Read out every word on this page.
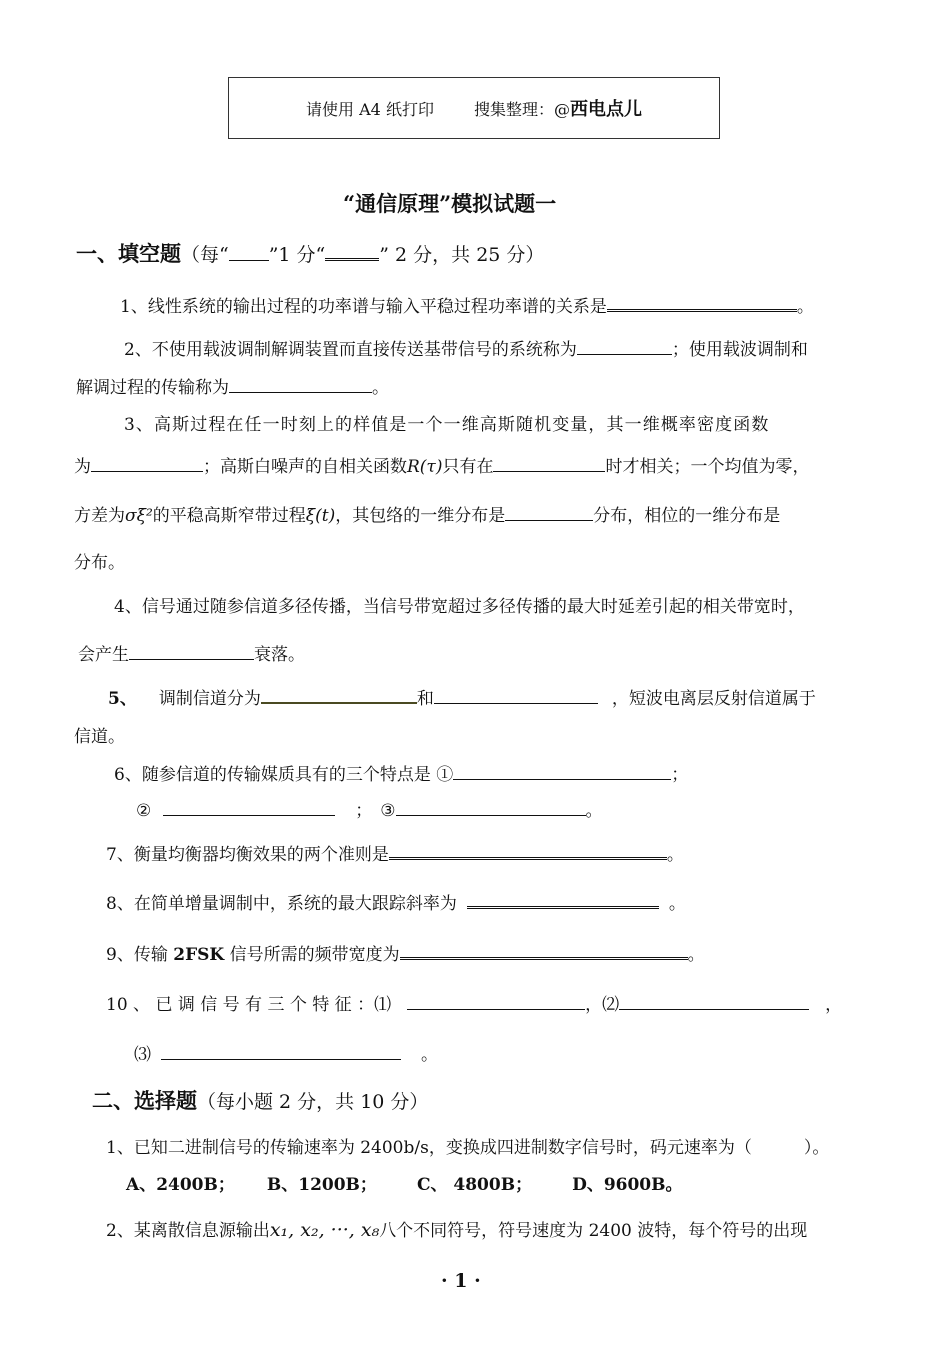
请使用 A4 纸打印	搜集整理：@ 西电点儿
“通信原理”模拟试题一
一、填空题（每“ ”1 分“	” 2 分，共 25 分）
1、线性系统的输出过程的功率谱与输入平稳过程功率谱的关系是	。
2、不使用载波调制解调装置而直接传送基带信号的系统称为	；使用载波调制和
解调过程的传输称为	。
3、高斯过程在任一时刻上的样值是一个一维高斯随机变量，其一维概率密度函数
为	；高斯白噪声的自相关函数R(τ)只有在	时才相关；一个均值为零，
方差为σξ²的平稳高斯窄带过程ξ(t)，其包络的一维分布是	分布，相位的一维分布是
分布。
4、信号通过随参信道多径传播，当信号带宽超过多径传播的最大时延差引起的相关带宽时，
会产生	衰落。
5、 调制信道分为	和	，短波电离层反射信道属于
信道。
6、随参信道的传输媒质具有的三个特点是 ①	；
②	； ③	。
7、衡量均衡器均衡效果的两个准则是	。
8、在简单增量调制中，系统的最大跟踪斜率为	。
9、传输 2FSK 信号所需的频带宽度为	。
10 、 已 调 信 号 有 三 个 特 征 ：⑴	，⑵	，
⑶	。
二、选择题（每小题 2 分，共 10 分）
1、已知二进制信号的传输速率为 2400b/s，变换成四进制数字信号时，码元速率为（	）。
A、2400B； B、1200B； C、 4800B； D、9600B。
2、某离散信息源输出x₁, x₂, ···, x₈八个不同符号，符号速度为 2400 波特，每个符号的出现
· 1 ·
